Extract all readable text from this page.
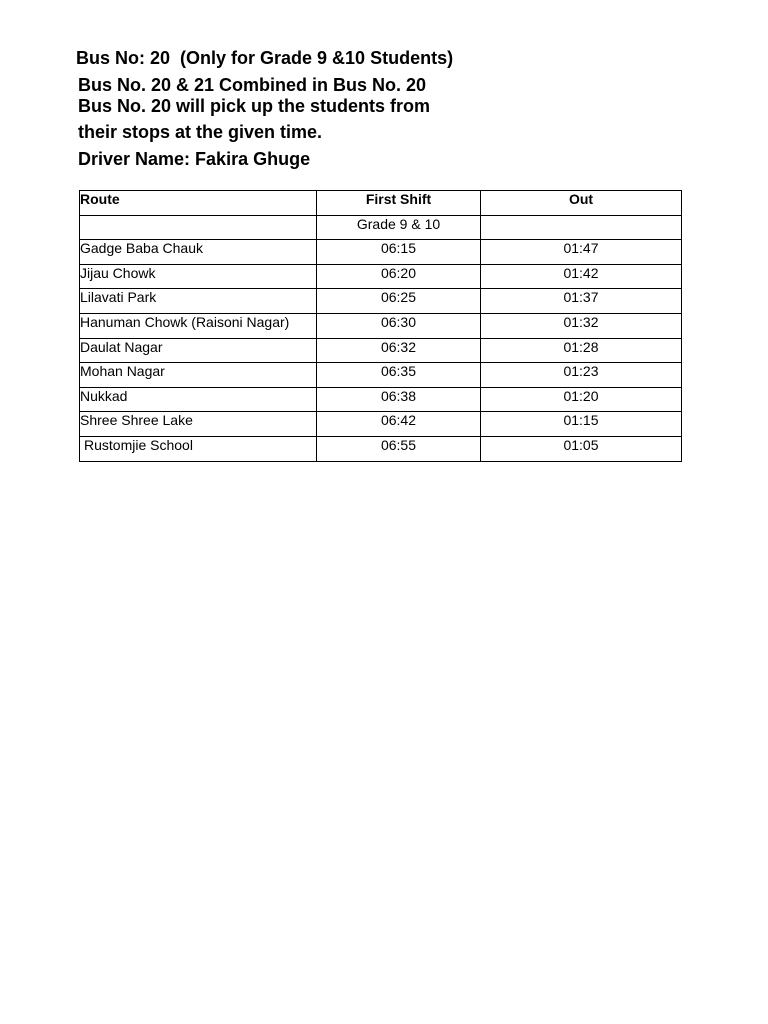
Bus No: 20  (Only for Grade 9 &10 Students)
Bus No. 20 & 21 Combined in Bus No. 20
Bus No. 20 will pick up the students from
their stops at the given time.
Driver Name: Fakira Ghuge
Route	First Shift	Out
	Grade 9 & 10	
Gadge Baba Chauk	06:15	01:47
Jijau Chowk	06:20	01:42
Lilavati Park	06:25	01:37
Hanuman Chowk (Raisoni Nagar)	06:30	01:32
Daulat Nagar	06:32	01:28
Mohan Nagar	06:35	01:23
Nukkad	06:38	01:20
Shree Shree Lake	06:42	01:15
Rustomjie School	06:55	01:05
